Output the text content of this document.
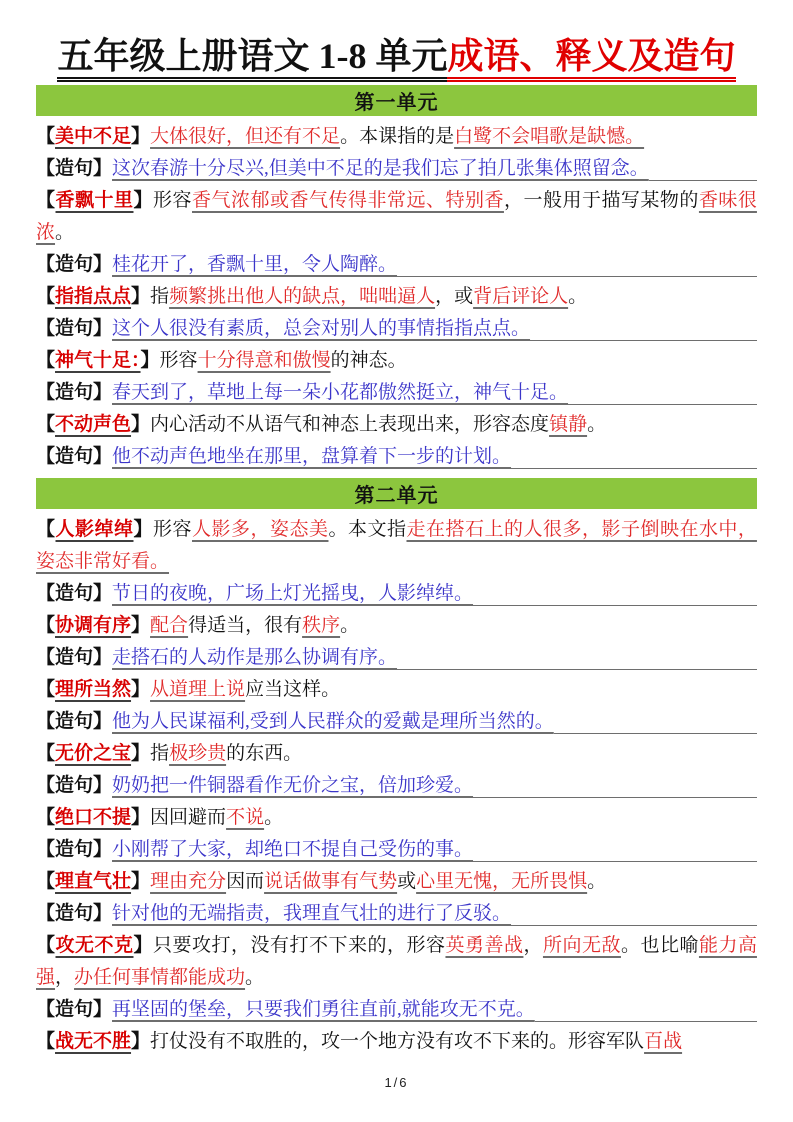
五年级上册语文 1-8 单元成语、释义及造句
第一单元
【美中不足】大体很好，但还有不足。本课指的是白鹭不会唱歌是缺憾。
【造句】 这次春游十分尽兴,但美中不足的是我们忘了拍几张集体照留念。
【香飘十里】形容香气浓郁或香气传得非常远、特别香，一般用于描写某物的香味很浓。
【造句】 桂花开了，香飘十里，令人陶醉。
【指指点点】指频繁挑出他人的缺点，咄咄逼人，或背后评论人。
【造句】 这个人很没有素质，总会对别人的事情指指点点。
【神气十足：】形容十分得意和傲慢的神态。
【造句】 春天到了，草地上每一朵小花都傲然挺立，神气十足。
【不动声色】内心活动不从语气和神态上表现出来，形容态度镇静。
【造句】 他不动声色地坐在那里，盘算着下一步的计划。
第二单元
【人影绰绰】形容人影多，姿态美。本文指走在搭石上的人很多，影子倒映在水中，姿态非常好看。
【造句】 节日的夜晚，广场上灯光摇曳，人影绰绰。
【协调有序】配合得适当，很有秩序。
【造句】 走搭石的人动作是那么协调有序。
【理所当然】从道理上说应当这样。
【造句】 他为人民谋福利,受到人民群众的爱戴是理所当然的。
【无价之宝】指极珍贵的东西。
【造句】 奶奶把一件铜器看作无价之宝，倍加珍爱。
【绝口不提】因回避而不说。
【造句】 小刚帮了大家，却绝口不提自己受伤的事。
【理直气壮】理由充分因而说话做事有气势或心里无愧，无所畏惧。
【造句】 针对他的无端指责，我理直气壮的进行了反驳。
【攻无不克】只要攻打，没有打不下来的，形容英勇善战，所向无敌。也比喻能力高强，办任何事情都能成功。
【造句】 再坚固的堡垒，只要我们勇往直前,就能攻无不克。
【战无不胜】打仗没有不取胜的，攻一个地方没有攻不下来的。形容军队百战
1/6
